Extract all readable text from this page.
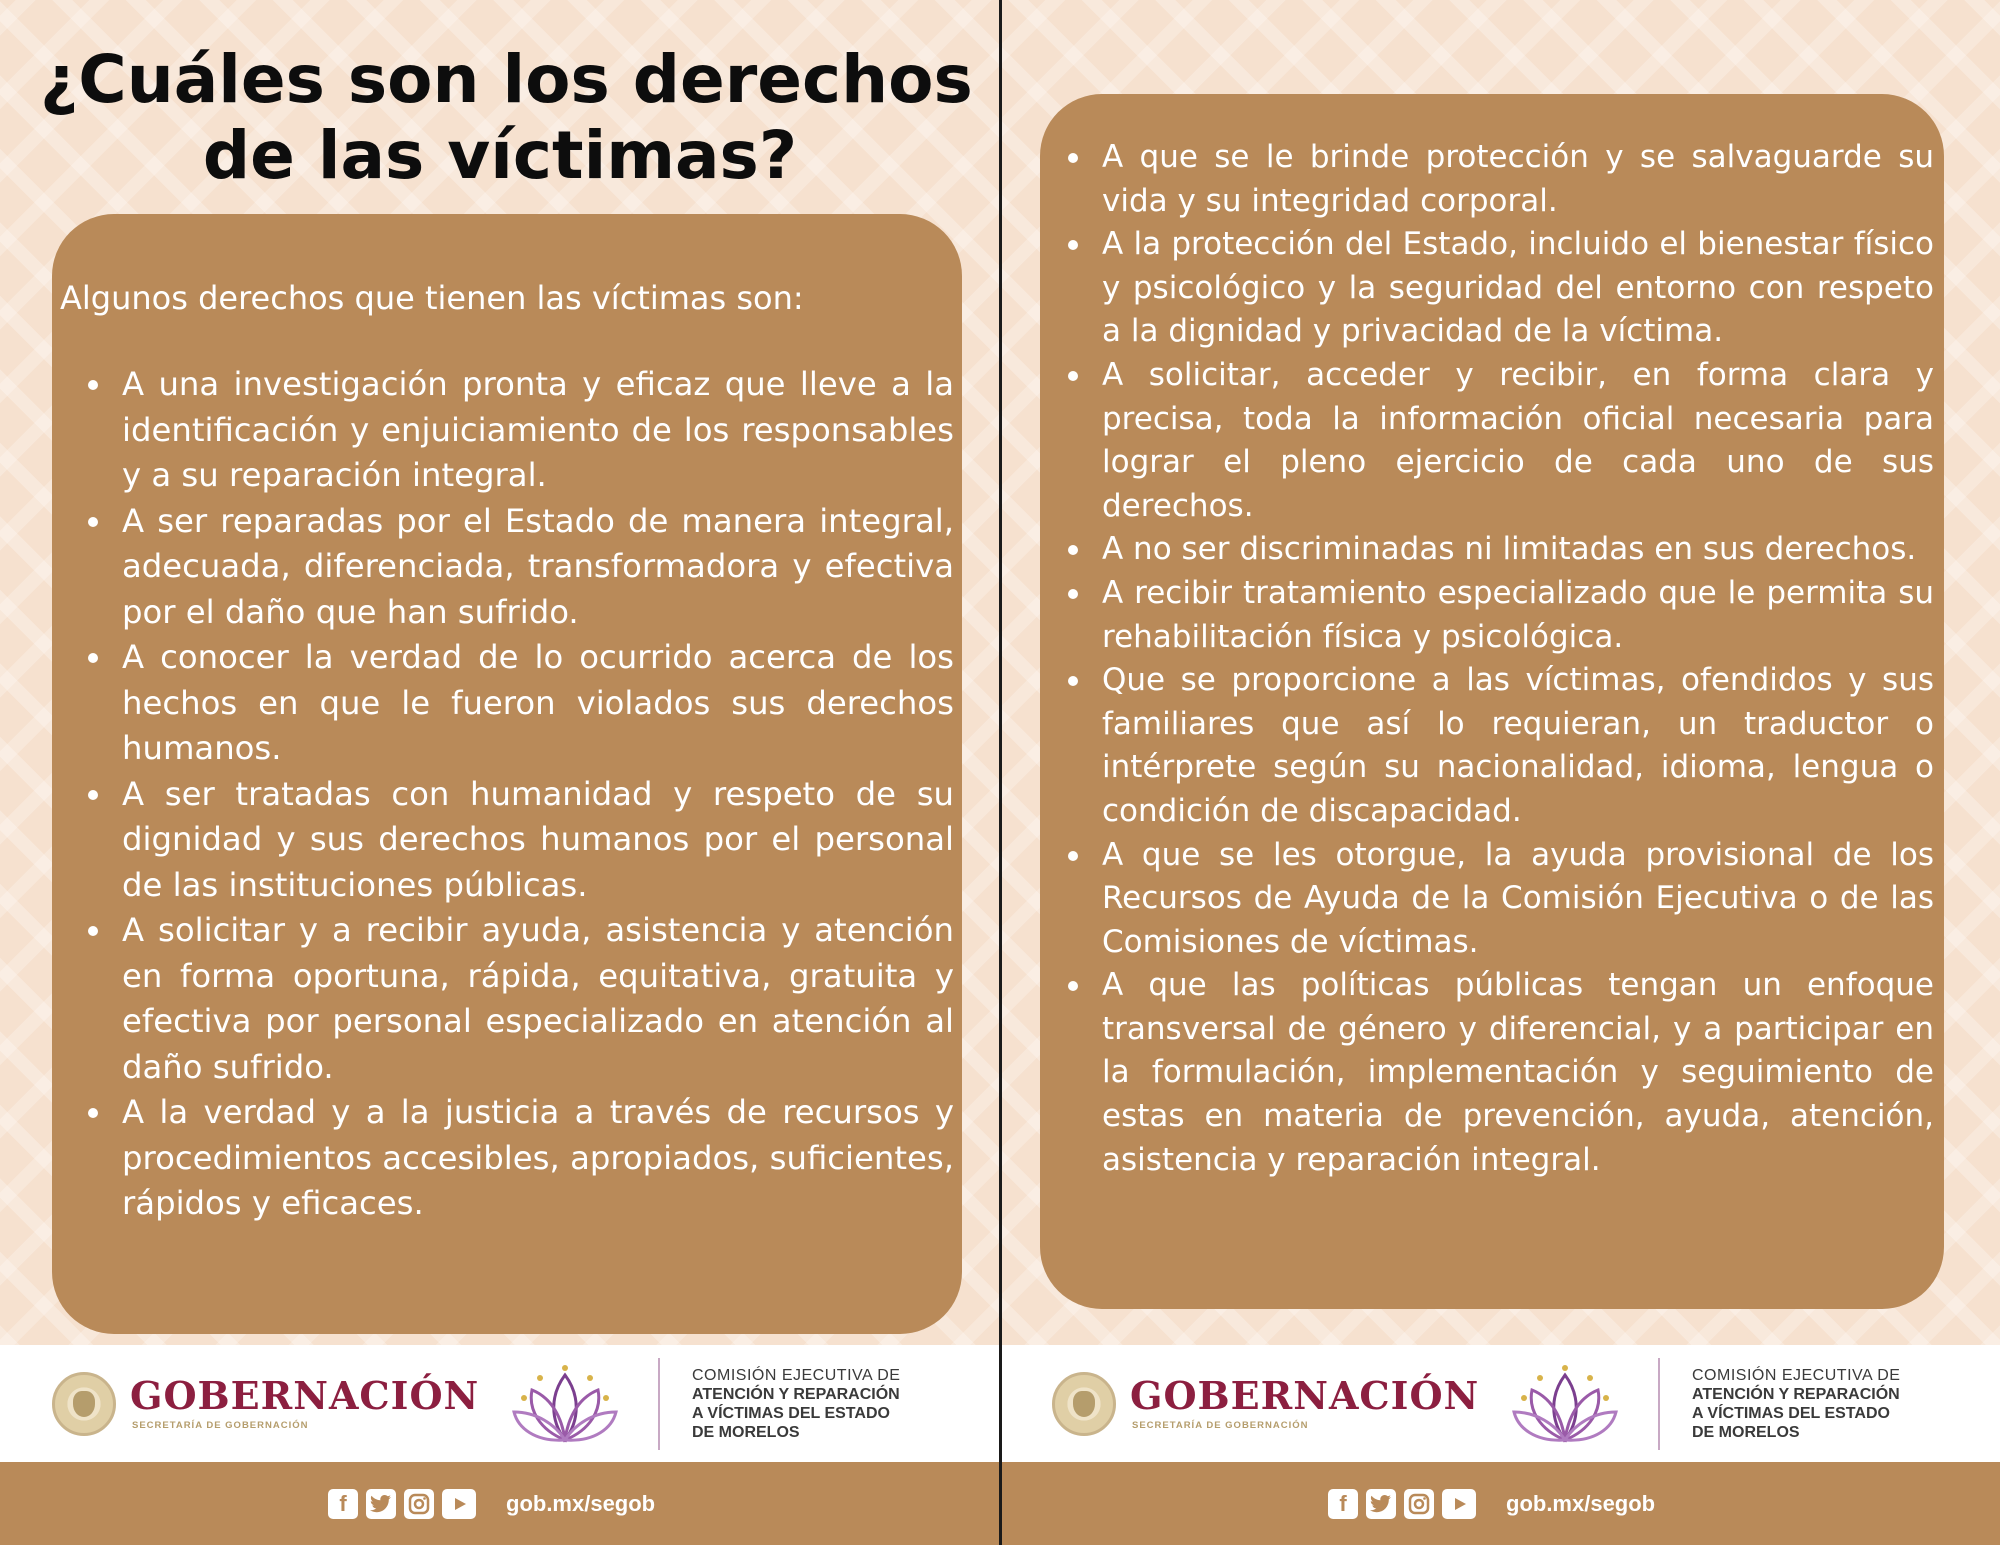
¿Cuáles son los derechos
de las víctimas?

Algunos derechos que tienen las víctimas son:

A una investigación pronta y eficaz que lleve a la identificación y enjuiciamiento de los responsables y a su reparación integral.
A ser reparadas por el Estado de manera integral, adecuada, diferenciada, transformadora y efectiva por el daño que han sufrido.
A conocer la verdad de lo ocurrido acerca de los hechos en que le fueron violados sus derechos humanos.
A ser tratadas con humanidad y respeto de su dignidad y sus derechos humanos por el personal de las instituciones públicas.
A solicitar y a recibir ayuda, asistencia y atención en forma oportuna, rápida, equitativa, gratuita y efectiva por personal especializado en atención al daño sufrido.
A la verdad y a la justicia a través de recursos y procedimientos accesibles, apropiados, suficientes, rápidos y eficaces.
A que se le brinde protección y se salvaguarde su vida y su integridad corporal.
A la protección del Estado, incluido el bienestar físico y psicológico y la seguridad del entorno con respeto a la dignidad y privacidad de la víctima.
A solicitar, acceder y recibir, en forma clara y precisa, toda la información oficial necesaria para lograr el pleno ejercicio de cada uno de sus derechos.
A no ser discriminadas ni limitadas en sus derechos.
A recibir tratamiento especializado que le permita su rehabilitación física y psicológica.
Que se proporcione a las víctimas, ofendidos y sus familiares que así lo requieran, un traductor o intérprete según su nacionalidad, idioma, lengua o condición de discapacidad.
A que se les otorgue, la ayuda provisional de los Recursos de Ayuda de la Comisión Ejecutiva o de las Comisiones de víctimas.
A que las políticas públicas tengan un enfoque transversal de género y diferencial, y a participar en la formulación, implementación y seguimiento de estas en materia de prevención, ayuda, atención, asistencia y reparación integral.
GOBERNACIÓN
SECRETARÍA DE GOBERNACIÓN
COMISIÓN EJECUTIVA DE
ATENCIÓN Y REPARACIÓN
A VÍCTIMAS DEL ESTADO
DE MORELOS
f	gob.mx/segob
GOBERNACIÓN
SECRETARÍA DE GOBERNACIÓN
COMISIÓN EJECUTIVA DE
ATENCIÓN Y REPARACIÓN
A VÍCTIMAS DEL ESTADO
DE MORELOS
f	gob.mx/segob
